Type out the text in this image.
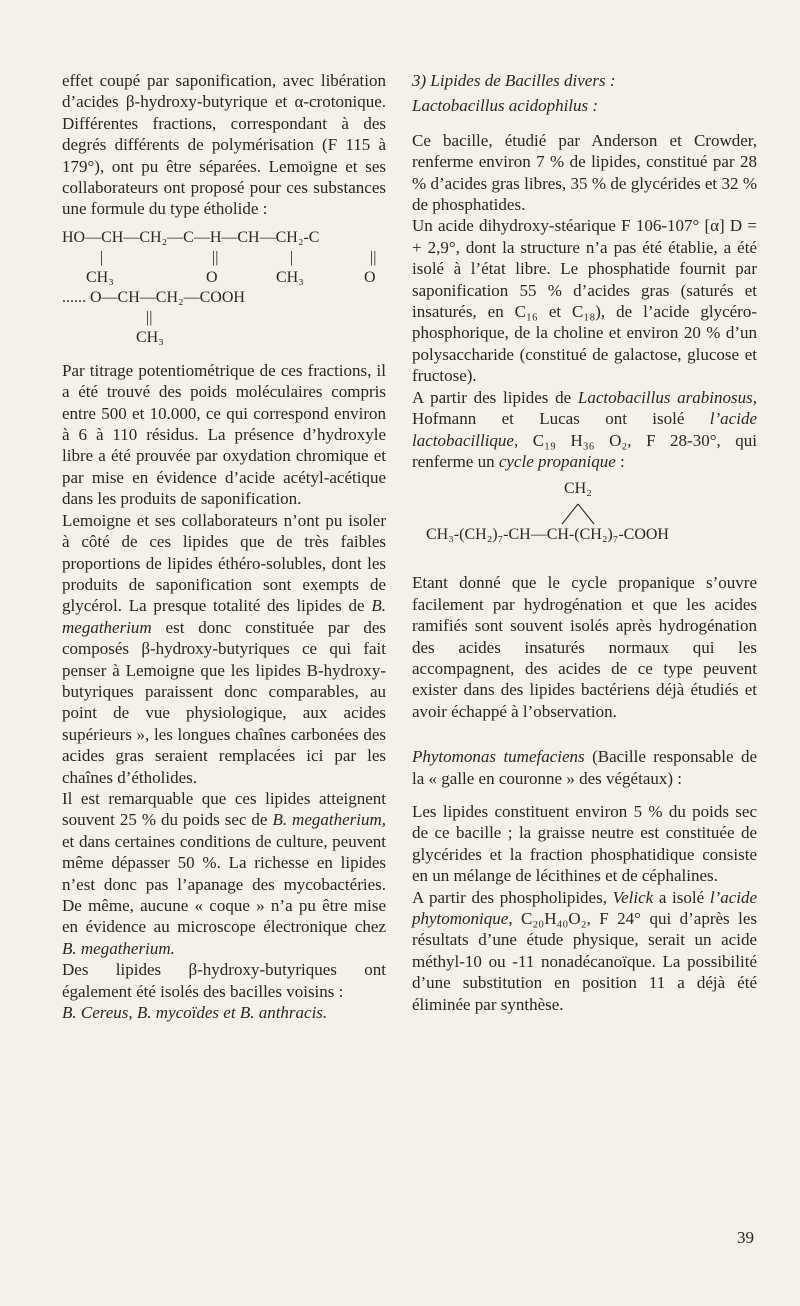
effet coupé par saponification, avec libération d’acides β-hydroxy-butyrique et α-crotonique. Différentes fractions, correspondant à des degrés différents de polymérisation (F 115 à 179°), ont pu être séparées. Lemoigne et ses collaborateurs ont proposé pour ces substances une formule du type étholide :

HO—CH—CH₂—C—H—CH—CH₂-C
|	||	|	||
CH₃	O	CH₃	O
...... O—CH—CH₂—COOH
||
CH₃

Par titrage potentiométrique de ces fractions, il a été trouvé des poids moléculaires compris entre 500 et 10.000, ce qui correspond environ à 6 à 110 résidus. La présence d’hydroxyle libre a été prouvée par oxydation chromique et par mise en évidence d’acide acétyl-acétique dans les produits de saponification.

Lemoigne et ses collaborateurs n’ont pu isoler à côté de ces lipides que de très faibles proportions de lipides éthéro-solubles, dont les produits de saponification sont exempts de glycérol. La presque totalité des lipides de B. megatherium est donc constituée par des composés β-hydroxy-butyriques ce qui fait penser à Lemoigne que les lipides B-hydroxy-butyriques paraissent donc comparables, au point de vue physiologique, aux acides supérieurs », les longues chaînes carbonées des acides gras seraient remplacées ici par les chaînes d’étholides.

Il est remarquable que ces lipides atteignent souvent 25 % du poids sec de B. megatherium, et dans certaines conditions de culture, peuvent même dépasser 50 %. La richesse en lipides n’est donc pas l’apanage des mycobactéries. De même, aucune « coque » n’a pu être mise en évidence au microscope électronique chez B. megatherium.

Des lipides β-hydroxy-butyriques ont également été isolés des bacilles voisins :
B. Cereus, B. mycoïdes et B. anthracis.

3) Lipides de Bacilles divers :

Lactobacillus acidophilus :

Ce bacille, étudié par Anderson et Crowder, renferme environ 7 % de lipides, constitué par 28 % d’acides gras libres, 35 % de glycérides et 32 % de phosphatides.

Un acide dihydroxy-stéarique F 106-107° [α] D = + 2,9°, dont la structure n’a pas été établie, a été isolé à l’état libre. Le phosphatide fournit par saponification 55 % d’acides gras (saturés et insaturés, en C₁₆ et C₁₈), de l’acide glycéro-phosphorique, de la choline et environ 20 % d’un polysaccharide (constitué de galactose, glucose et fructose).

A partir des lipides de Lactobacillus arabinosus, Hofmann et Lucas ont isolé l’acide lactobacillique, C₁₉ H₃₆ O₂, F 28-30°, qui renferme un cycle propanique :

CH₂
CH₃-(CH₂)₇-CH—CH-(CH₂)₇-COOH

Etant donné que le cycle propanique s’ouvre facilement par hydrogénation et que les acides ramifiés sont souvent isolés après hydrogénation des acides insaturés normaux qui les accompagnent, des acides de ce type peuvent exister dans des lipides bactériens déjà étudiés et avoir échappé à l’observation.

Phytomonas tumefaciens (Bacille responsable de la « galle en couronne » des végétaux) :

Les lipides constituent environ 5 % du poids sec de ce bacille ; la graisse neutre est constituée de glycérides et la fraction phosphatidique consiste en un mélange de lécithines et de céphalines.

A partir des phospholipides, Velick a isolé l’acide phytomonique, C₂₀H₄₀O₂, F 24° qui d’après les résultats d’une étude physique, serait un acide méthyl-10 ou -11 nonadécanoïque. La possibilité d’une substitution en position 11 a déjà été éliminée par synthèse.

39
